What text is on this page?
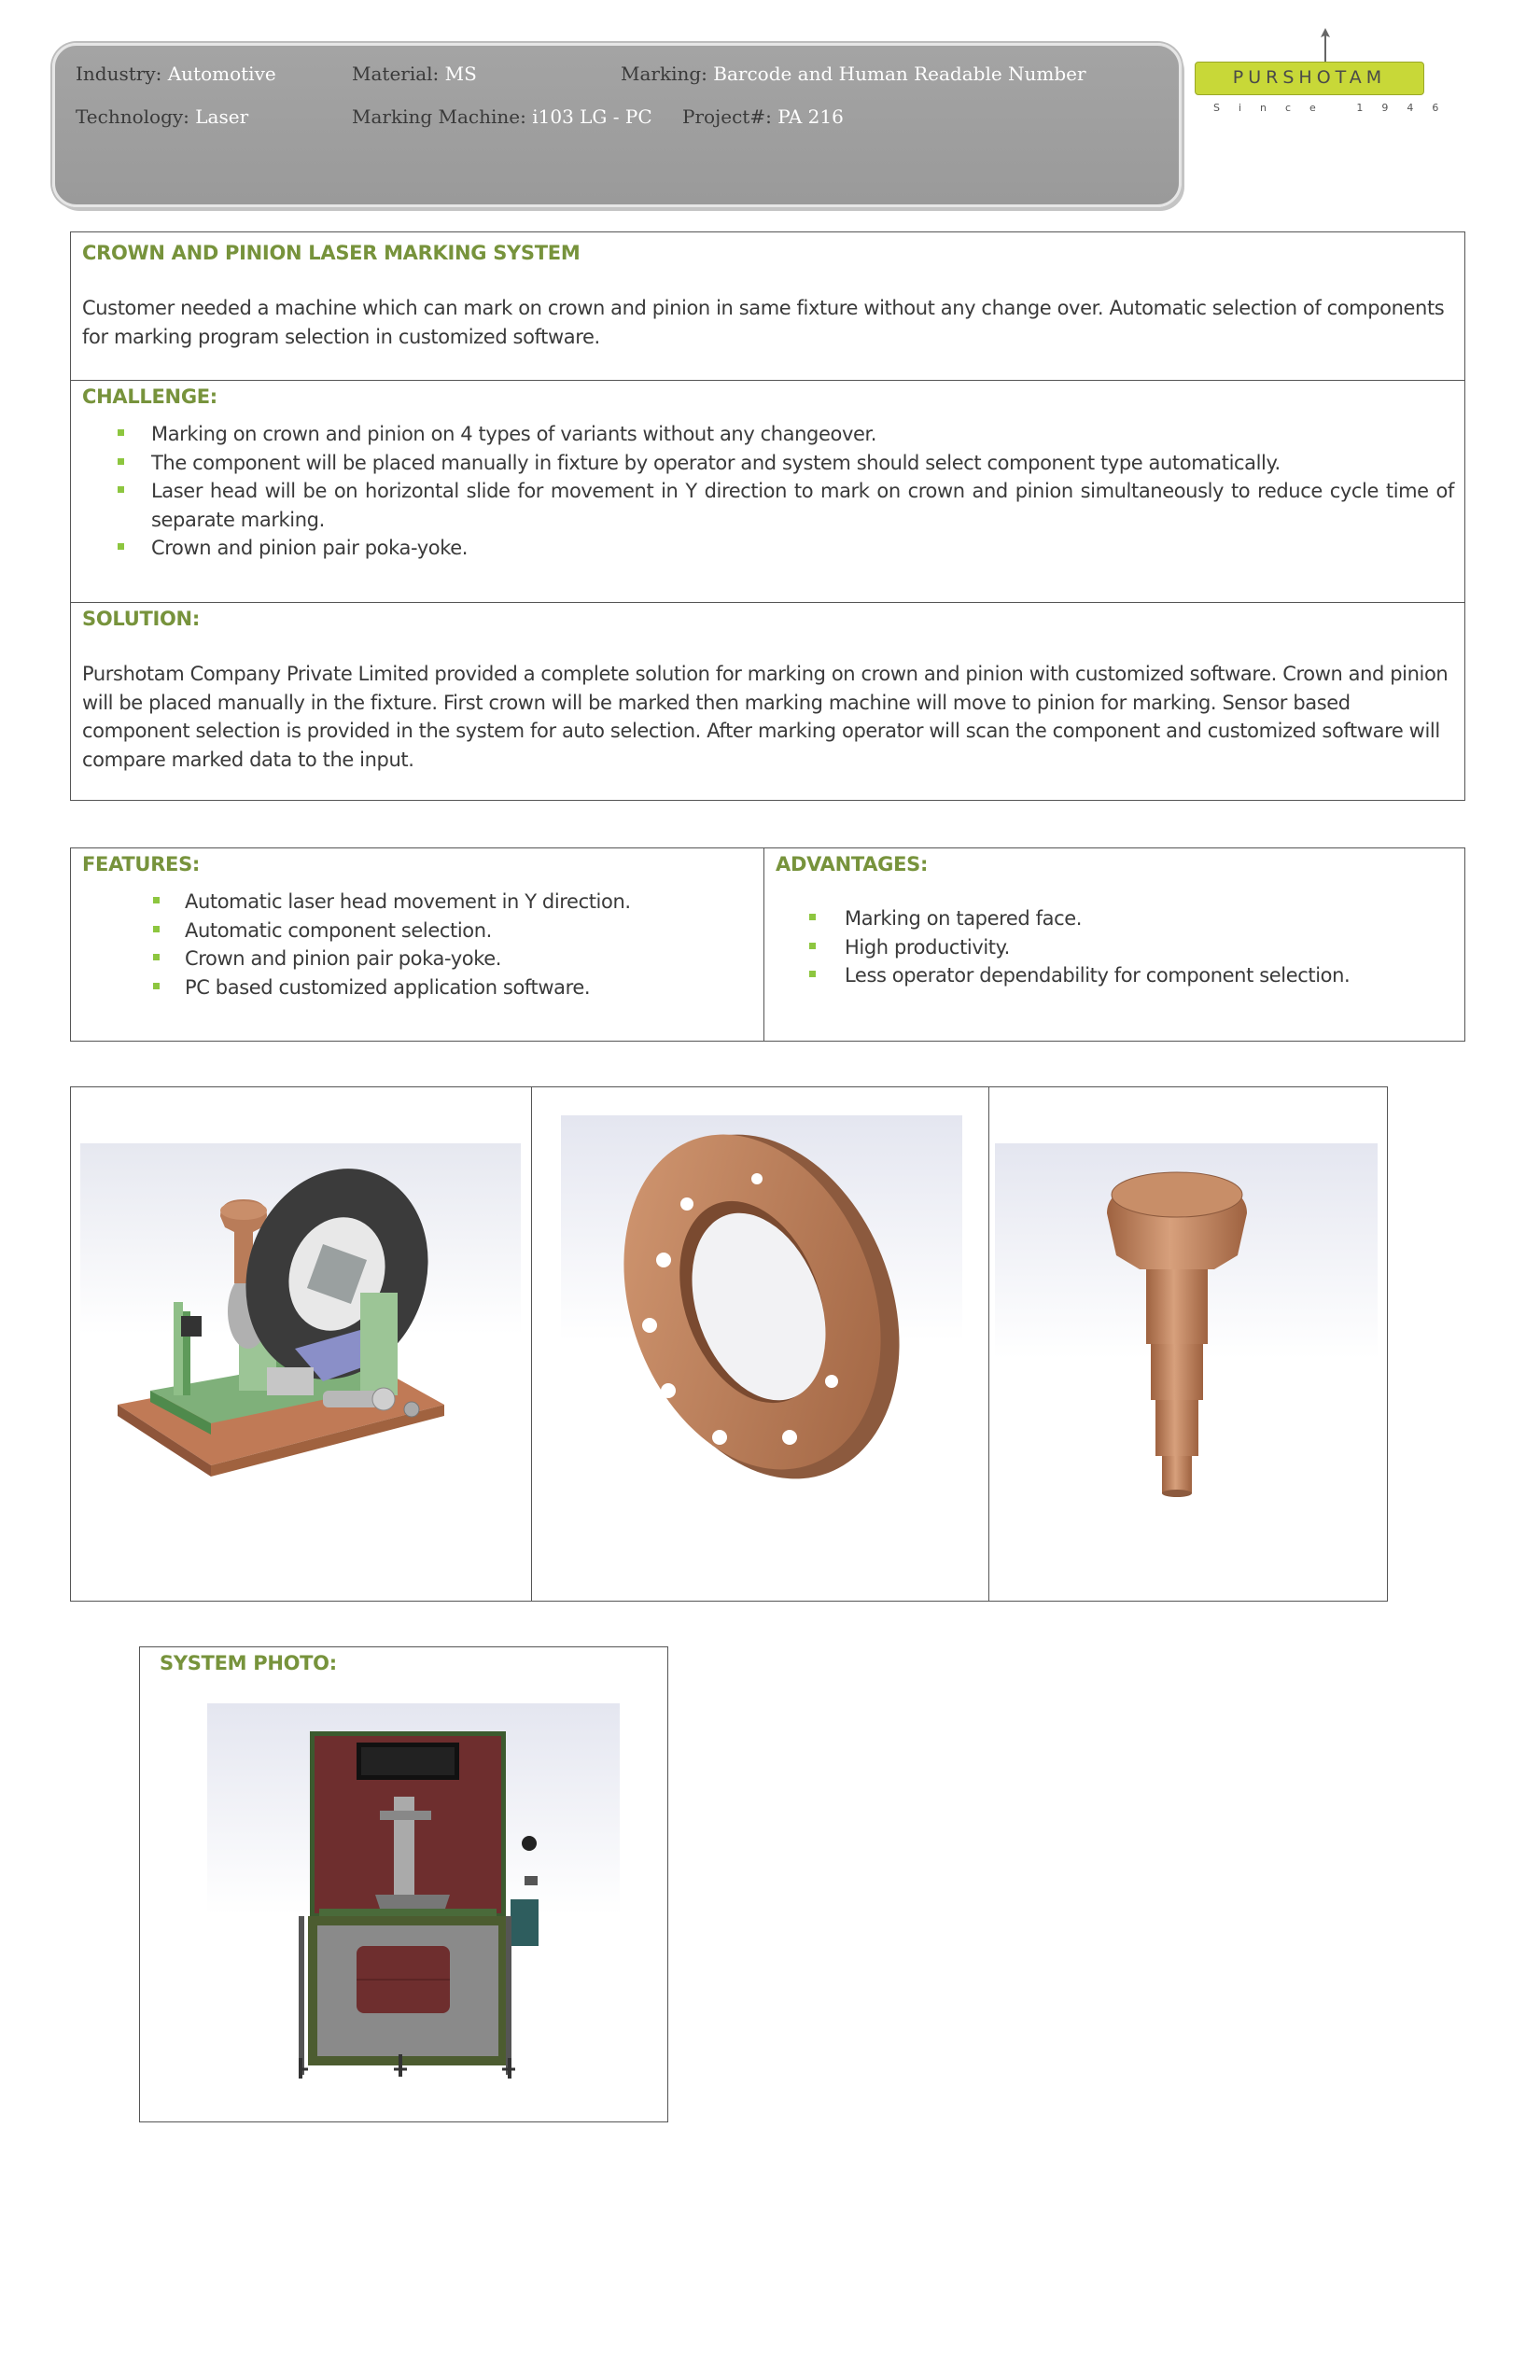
Industry: Automotive	Material: MS	Marking: Barcode and Human Readable Number
Technology: Laser	Marking Machine: i103 LG - PC Project#: PA 216
PURSHOTAM
Since 1946
CROWN AND PINION LASER MARKING SYSTEM
Customer needed a machine which can mark on crown and pinion in same fixture without any change over. Automatic selection of components for marking program selection in customized software.
CHALLENGE:
Marking on crown and pinion on 4 types of variants without any changeover.
The component will be placed manually in fixture by operator and system should select component type automatically.
Laser head will be on horizontal slide for movement in Y direction to mark on crown and pinion simultaneously to reduce cycle time of separate marking.
Crown and pinion pair poka-yoke.
SOLUTION:
Purshotam Company Private Limited provided a complete solution for marking on crown and pinion with customized software. Crown and pinion will be placed manually in the fixture. First crown will be marked then marking machine will move to pinion for marking. Sensor based component selection is provided in the system for auto selection. After marking operator will scan the component and customized software will compare marked data to the input.
FEATURES:
Automatic laser head movement in Y direction.
Automatic component selection.
Crown and pinion pair poka-yoke.
PC based customized application software.
ADVANTAGES:
Marking on tapered face.
High productivity.
Less operator dependability for component selection.
SYSTEM PHOTO:
